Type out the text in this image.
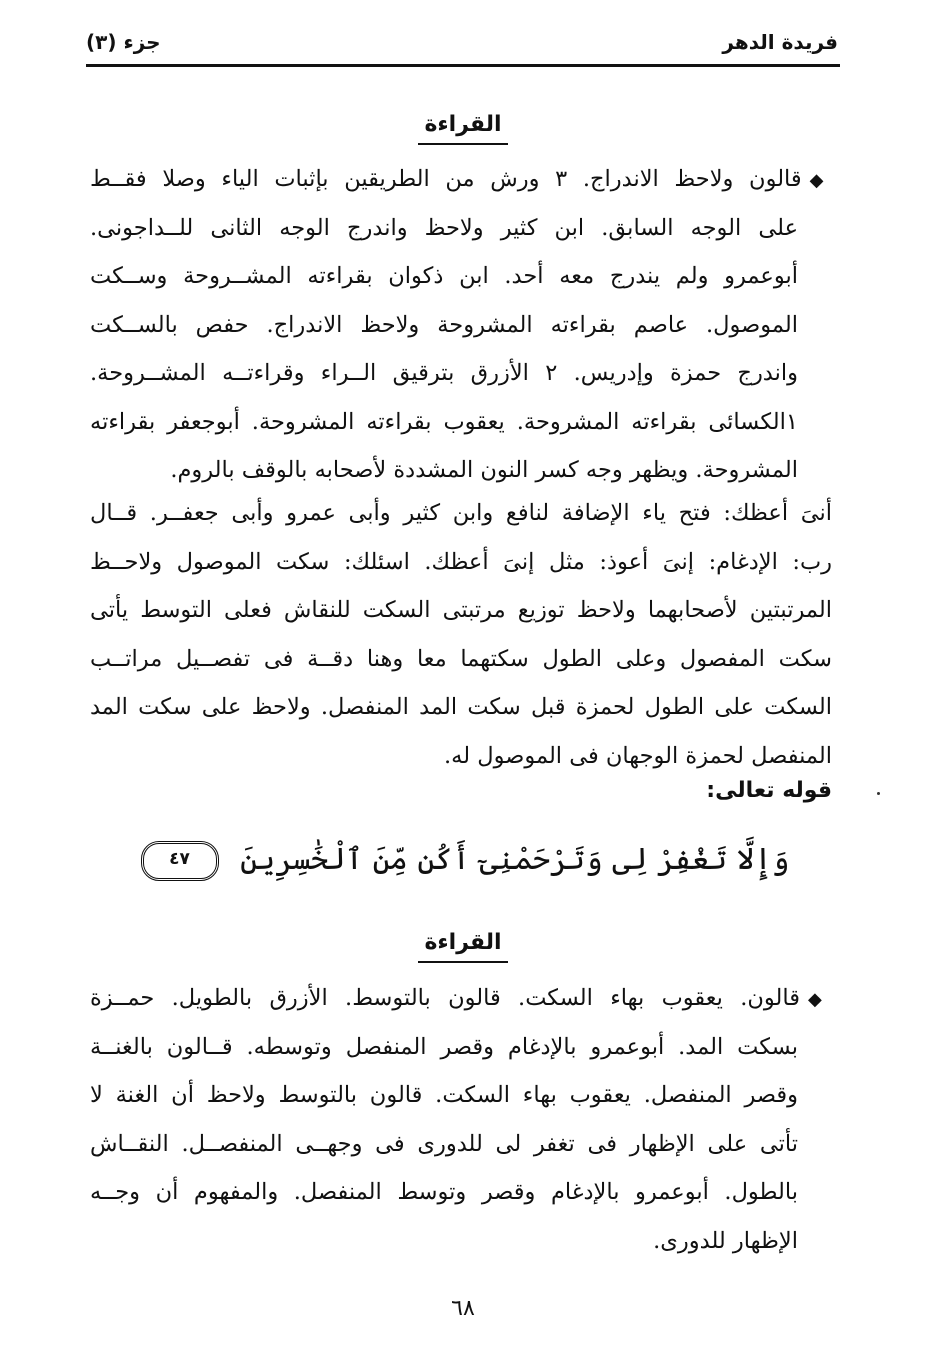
فريدة الدهر
جزء (٣)
القراءة
◆قالون ولاحظ الاندراج. ٣ ورش من الطريقين بإثبات الياء وصلا فقــط
على الوجه السابق. ابن كثير ولاحظ واندرج الوجه الثانى للــداجونى.
أبوعمرو ولم يندرج معه أحد. ابن ذكوان بقراءته المشــروحة وســكت
الموصول. عاصم بقراءته المشروحة ولاحظ الاندراج. حفص بالســكت
واندرج حمزة وإدريس. ٢ الأزرق بترقيق الــراء وقراءتــه المشــروحة.
١الكسائى بقراءته المشروحة. يعقوب بقراءته المشروحة. أبوجعفر بقراءته
المشروحة. ويظهر وجه كسر النون المشددة لأصحابه بالوقف بالروم.
أنىَ أعظك: فتح ياء الإضافة لنافع وابن كثير وأبى عمرو وأبى جعفــر. قــال
رب: الإدغام: إنىَ أعوذ: مثل إنىَ أعظك. اسئلك: سكت الموصول ولاحــظ
المرتبتين لأصحابهما ولاحظ توزيع مرتبتى السكت للنقاش فعلى التوسط يأتى
سكت المفصول وعلى الطول سكتهما معا وهنا دقــة فى تفصــيل مراتــب
السكت على الطول لحمزة قبل سكت المد المنفصل. ولاحظ على سكت المد
المنفصل لحمزة الوجهان فى الموصول له.
قوله تعالى:
وَإِلَّا تَغْفِرْ لِى وَتَرْحَمْنِىٓ أَكُن مِّنَ ٱلْخَٰسِرِينَ ٤٧
القراءة
◆قالون. يعقوب بهاء السكت. قالون بالتوسط. الأزرق بالطويل. حمــزة
بسكت المد. أبوعمرو بالإدغام وقصر المنفصل وتوسطه. قــالون بالغنــة
وقصر المنفصل. يعقوب بهاء السكت. قالون بالتوسط ولاحظ أن الغنة لا
تأتى على الإظهار فى تغفر لى للدورى فى وجهــى المنفصــل. النقــاش
بالطول. أبوعمرو بالإدغام وقصر وتوسط المنفصل. والمفهوم أن وجــه
الإظهار للدورى.
٦٨
